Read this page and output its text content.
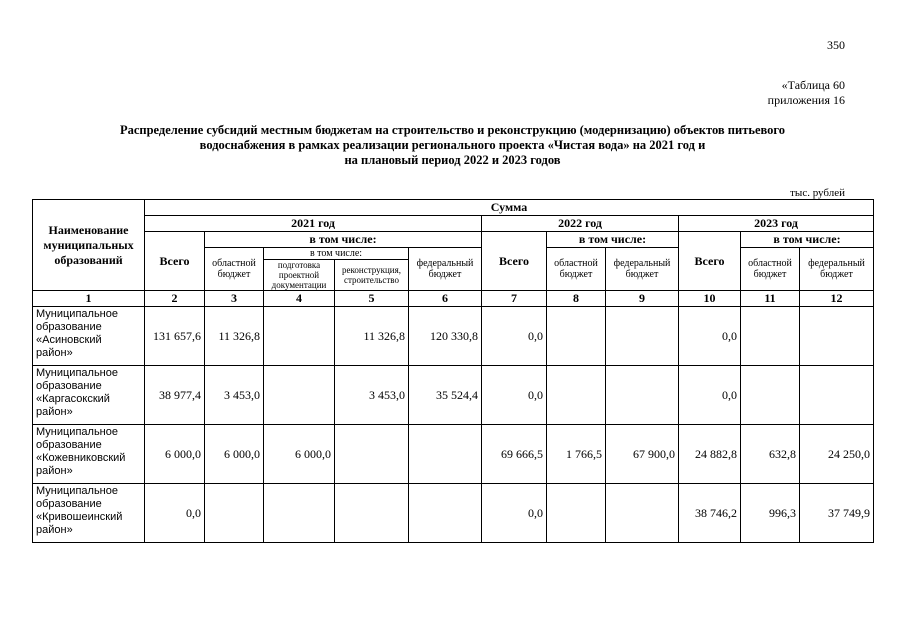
350
«Таблица 60
приложения 16
Распределение субсидий местным бюджетам на строительство и реконструкцию (модернизацию) объектов питьевого
водоснабжения в рамках реализации регионального проекта «Чистая вода» на 2021 год и
на плановый период 2022 и 2023 годов
тыс. рублей
Наименование муниципальных образований	Сумма										
	2021 год					2022 год			2023 год		
	Всего	в том числе:				Всего	в том числе:		Всего	в том числе:	
		областной бюджет	в том числе:		федеральный бюджет		областной бюджет	федеральный бюджет		областной бюджет	федеральный бюджет
			подготовка проектной документации	реконструкция, строительство							
1	2	3	4	5	6	7	8	9	10	11	12
Муниципальное образование «Асиновский район»	131 657,6	11 326,8		11 326,8	120 330,8	0,0			0,0		
Муниципальное образование «Каргасокский район»	38 977,4	3 453,0		3 453,0	35 524,4	0,0			0,0		
Муниципальное образование «Кожевниковский район»	6 000,0	6 000,0	6 000,0			69 666,5	1 766,5	67 900,0	24 882,8	632,8	24 250,0
Муниципальное образование «Кривошеинский район»	0,0					0,0			38 746,2	996,3	37 749,9
